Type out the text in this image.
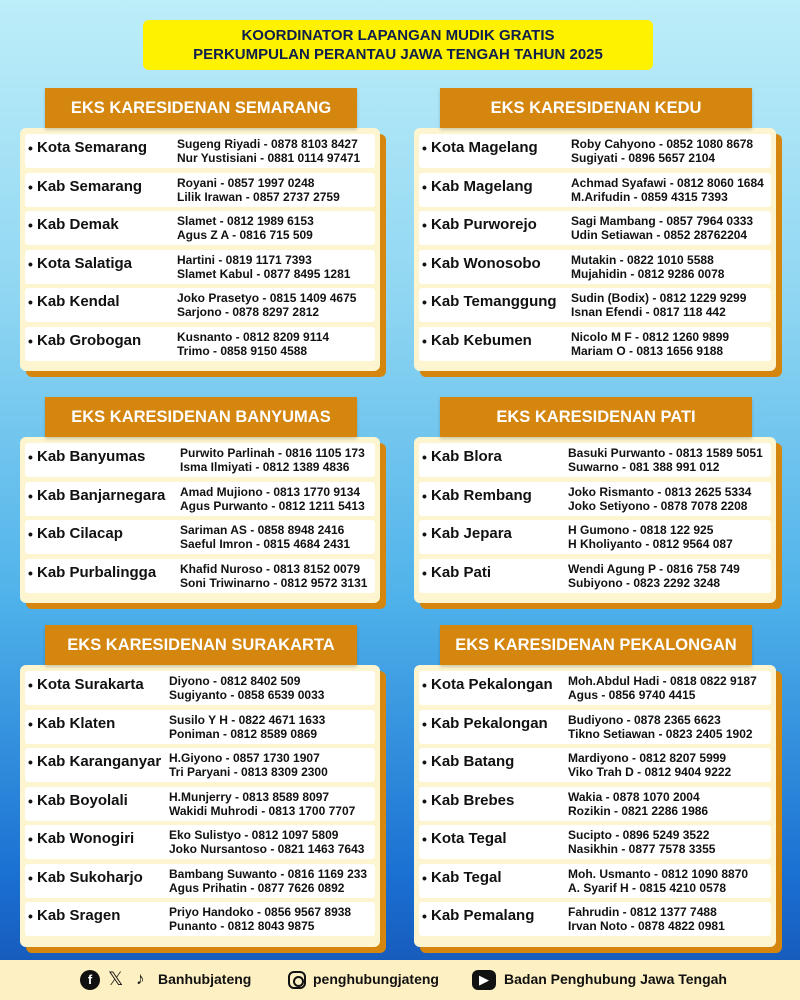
KOORDINATOR LAPANGAN MUDIK GRATIS
PERKUMPULAN PERANTAU JAWA TENGAH TAHUN 2025
• Kota Semarang Sugeng Riyadi - 0878 8103 8427
Nur Yustisiani - 0881 0114 97471
• Kab Semarang	Royani - 0857 1997 0248
Lilik Irawan - 0857 2737 2759
• Kab Demak	Slamet - 0812 1989 6153
Agus Z A - 0816 715 509
• Kota Salatiga	Hartini - 0819 1171 7393
Slamet Kabul - 0877 8495 1281
• Kab Kendal	Joko Prasetyo - 0815 1409 4675
Sarjono - 0878 8297 2812
• Kab Grobogan	Kusnanto - 0812 8209 9114
Trimo - 0858 9150 4588
EKS KARESIDENAN SEMARANG
• Kota Magelang	Roby Cahyono - 0852 1080 8678
Sugiyati - 0896 5657 2104
• Kab Magelang	Achmad Syafawi - 0812 8060 1684
M.Arifudin - 0859 4315 7393
• Kab Purworejo	Sagi Mambang - 0857 7964 0333
Udin Setiawan - 0852 28762204
• Kab Wonosobo	Mutakin - 0822 1010 5588
Mujahidin - 0812 9286 0078
• Kab Temanggung Sudin (Bodix) - 0812 1229 9299
Isnan Efendi - 0817 118 442
• Kab Kebumen	Nicolo M F - 0812 1260 9899
Mariam O - 0813 1656 9188
EKS KARESIDENAN KEDU
• Kab Banyumas	Purwito Parlinah - 0816 1105 173
Isma Ilmiyati - 0812 1389 4836
• Kab Banjarnegara Amad Mujiono - 0813 1770 9134
Agus Purwanto - 0812 1211 5413
• Kab Cilacap	Sariman AS - 0858 8948 2416
Saeful Imron - 0815 4684 2431
• Kab Purbalingga Khafid Nuroso - 0813 8152 0079
Soni Triwinarno - 0812 9572 3131
EKS KARESIDENAN BANYUMAS
• Kab Blora	Basuki Purwanto - 0813 1589 5051
Suwarno - 081 388 991 012
• Kab Rembang	Joko Rismanto - 0813 2625 5334
Joko Setiyono - 0878 7078 2208
• Kab Jepara	H Gumono - 0818 122 925
H Kholiyanto - 0812 9564 087
• Kab Pati	Wendi Agung P - 0816 758 749
Subiyono - 0823 2292 3248
EKS KARESIDENAN PATI
• Kota Surakarta Diyono - 0812 8402 509
Sugiyanto - 0858 6539 0033
• Kab Klaten	Susilo Y H - 0822 4671 1633
Poniman - 0812 8589 0869
• Kab Karanganyar H.Giyono - 0857 1730 1907
Tri Paryani - 0813 8309 2300
• Kab Boyolali	H.Munjerry - 0813 8589 8097
Wakidi Muhrodi - 0813 1700 7707
• Kab Wonogiri	Eko Sulistyo - 0812 1097 5809
Joko Nursantoso - 0821 1463 7643
• Kab Sukoharjo Bambang Suwanto - 0816 1169 233
Agus Prihatin - 0877 7626 0892
• Kab Sragen	Priyo Handoko - 0856 9567 8938
Punanto - 0812 8043 9875
EKS KARESIDENAN SURAKARTA
• Kota Pekalongan Moh.Abdul Hadi - 0818 0822 9187
Agus - 0856 9740 4415
• Kab Pekalongan Budiyono - 0878 2365 6623
Tikno Setiawan - 0823 2405 1902
• Kab Batang	Mardiyono - 0812 8207 5999
Viko Trah D - 0812 9404 9222
• Kab Brebes	Wakia - 0878 1070 2004
Rozikin - 0821 2286 1986
• Kota Tegal	Sucipto - 0896 5249 3522
Nasikhin - 0877 7578 3355
• Kab Tegal	Moh. Usmanto - 0812 1090 8870
A. Syarif H - 0815 4210 0578
• Kab Pemalang	Fahrudin - 0812 1377 7488
Irvan Noto - 0878 4822 0981
EKS KARESIDENAN PEKALONGAN
f 𝕏 ♪ Banhubjateng	penghubungjateng	▶	Badan Penghubung Jawa Tengah
